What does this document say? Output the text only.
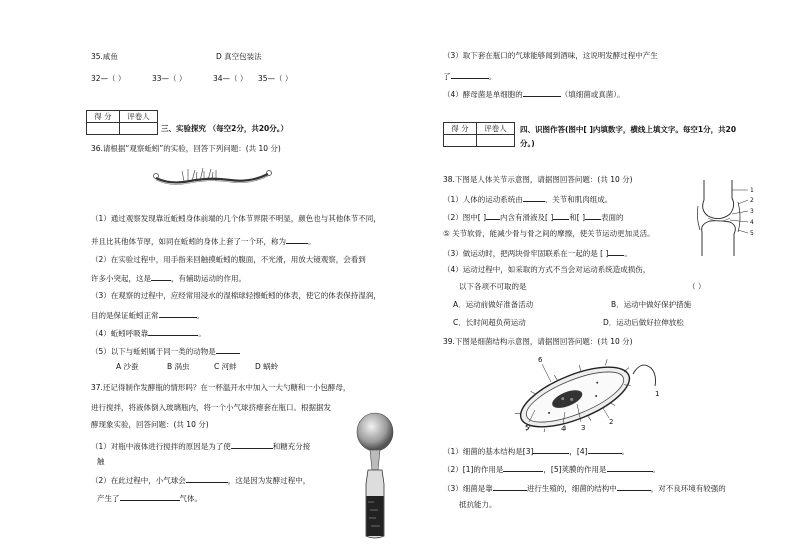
35.咸鱼	D 真空包装法
32—（ ）	33—（ ）	34—（ ） 35—（ ）
得 分	评卷人

三、实验探究 （每空2分，共20分。）
36.请根据“观察蚯蚓”的实验，回答下列问题：(共 10 分)
（1）通过观察发现靠近蚯蚓身体前端的几个体节界限不明显，颜色也与其他体节不同，
并且比其他体节厚，如同在蚯蚓的身体上套了一个环，称为	。
（2）在实验过程中，用手指来回触摸蚯蚓的腹面，不光滑，用放大镜观察，会看到
许多小突起，这是	，有辅助运动的作用。
（3）在观察的过程中，应经常用浸水的湿棉球轻擦蚯蚓的体表，使它的体表保持湿润，
目的是保证蚯蚓正常	。
（4）蚯蚓呼吸靠	。
（5）以下与蚯蚓属于同一类的动物是
A 沙蚕	B 涡虫	C 河蚌 D 蜗蛉
37.还记得制作发酵瓶的情形吗？在一杯温开水中加入一大勺糖和一小包酵母，
进行搅拌，将液体倒入玻璃瓶内，将一个小气球挤瘪套在瓶口。根据据发
酵现象实验，回答问题：(共 10 分)
（1）对瓶中液体进行搅拌的原因是为了使	和糖充分接
触
（2）在此过程中，小气球会	，这是因为发酵过程中，
产生了	气体。
（3）取下套在瓶口的气球能够闻到酒味，这说明发酵过程中产生
了	。
（4）酵母菌是单细胞的	（填细菌或真菌）。
得 分	评卷人
	四、识图作答(图中[ ]内填数字，横线上填文字。每空1分，共20
分。)
38.下图是人体关节示意图，请据图回答问题：(共 10 分)
（1）人体的运动系统由	、关节和肌肉组成。
（2）图中[ ] 内含有滑液及[ ] 和[ ] 表面的
⑤ 关节软骨，能减少骨与骨之间的摩擦，使关节运动更加灵活。
（3）做运动时，把两块骨牢固联系在一起的是 [ ] 。
（4）运动过程中，如采取的方式不当会对运动系统造成损伤，
以下各项不可取的是	（ ）
A．运动前做好准备活动	B．运动中做好保护措施
C．长时间超负荷运动	D．运动后做好拉伸放松
1
2
3
4
5
39.下图是细菌结构示意图，请据图回答问题：(共 10 分)
1
2
3
4
5
6
（1）细菌的基本结构是[3]	，[4]	。
（2）[1]的作用是	，[5]荚膜的作用是	。
（3）细菌是靠	进行生殖的，细菌的结构中	，对不良环境有较强的
抵抗能力。
